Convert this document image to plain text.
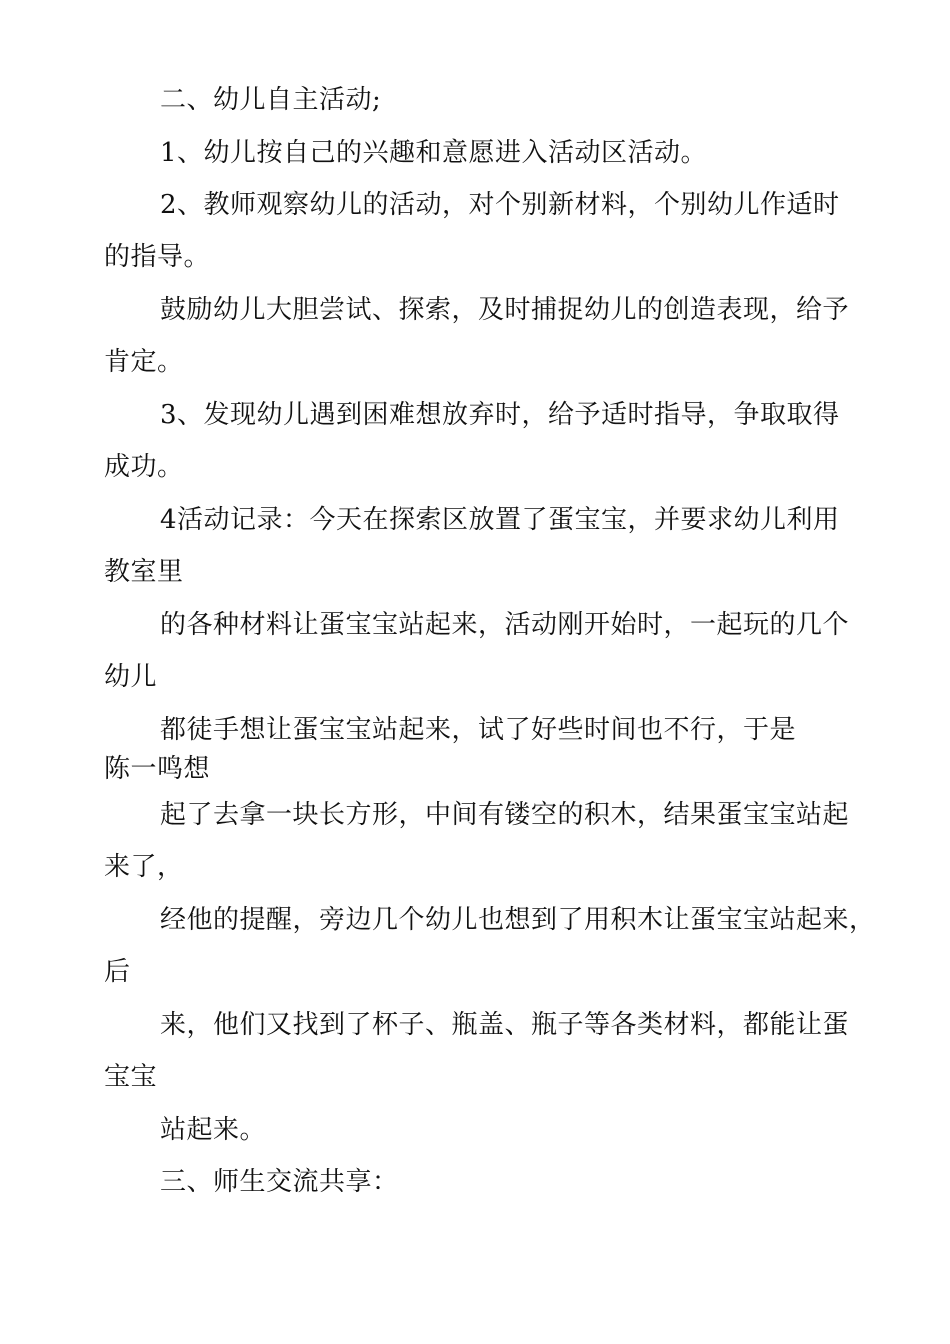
二、幼儿自主活动;

1、幼儿按自己的兴趣和意愿进入活动区活动。

2、教师观察幼儿的活动，对个别新材料，个别幼儿作适时

的指导。

鼓励幼儿大胆尝试、探索，及时捕捉幼儿的创造表现，给予

肯定。

3、发现幼儿遇到困难想放弃时，给予适时指导，争取取得

成功。

4活动记录：今天在探索区放置了蛋宝宝，并要求幼儿利用

教室里

的各种材料让蛋宝宝站起来，活动刚开始时，一起玩的几个

幼儿

都徒手想让蛋宝宝站起来，试了好些时间也不行，于是

陈一鸣想

起了去拿一块长方形，中间有镂空的积木，结果蛋宝宝站起

来了，

经他的提醒，旁边几个幼儿也想到了用积木让蛋宝宝站起来，

后

来，他们又找到了杯子、瓶盖、瓶子等各类材料，都能让蛋

宝宝

站起来。

三、师生交流共享：
